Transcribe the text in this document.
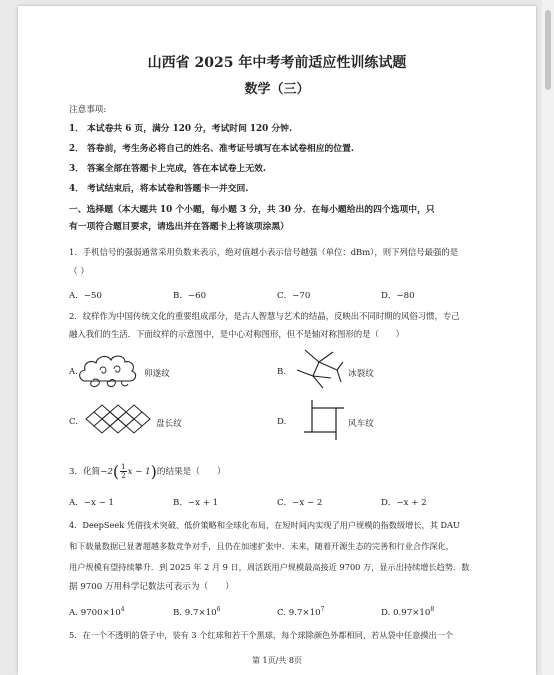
山西省 2025 年中考考前适应性训练试题
数学（三）
注意事项:
1． 本试卷共 6 页，满分 120 分，考试时间 120 分钟.
2． 答卷前，考生务必将自己的姓名、准考证号填写在本试卷相应的位置.
3． 答案全部在答题卡上完成，答在本试卷上无效.
4． 考试结束后，将本试卷和答题卡一并交回.
一、选择题（本大题共 10 个小题，每小题 3 分，共 30 分．在每小题给出的四个选项中，只
有一项符合题目要求，请选出并在答题卡上将该项涂黑）
1．手机信号的强弱通常采用负数来表示，绝对值越小表示信号越强（单位：dBm），则下列信号最强的是
（ ）
A．−50	B．−60	C．−70	D．−80
2．纹样作为中国传统文化的重要组成部分，是古人智慧与艺术的结晶，反映出不同时期的风俗习惯，专己
融入我们的生活．下面纹样的示意图中，是中心对称图形，但不是轴对称图形的是（　　）
A.	卯遂纹	B.	冰裂纹
C.	盘长纹	D.	风车纹
3．化简 −2 ( $\frac{1}{2}$ x − 1 ) 的结果是（　　）
A．−x − 1	B．−x + 1	C．−x − 2	D．−x + 2
4．DeepSeek 凭借技术突破、低价策略和全球化布局，在短时间内实现了用户规模的指数级增长，其 DAU
和下载量数据已显著超越多数竞争对手，且仍在加速扩张中．未来，随着开源生态的完善和行业合作深化，
用户规模有望持续攀升．到 2025 年 2 月 9 日，周活跃用户规模最高接近 9700 万，显示出持续增长趋势．数
据 9700 万用科学记数法可表示为（　　）
A. $9700\times 10^4$	B. $9.7\times 10^6$	C. $9.7\times 10^7$	D. $0.97\times 10^8$
5．在一个不透明的袋子中，装有 3 个红球和若干个黑球，每个球除颜色外都相同，若从袋中任意摸出一个
第 1页/共 8页
